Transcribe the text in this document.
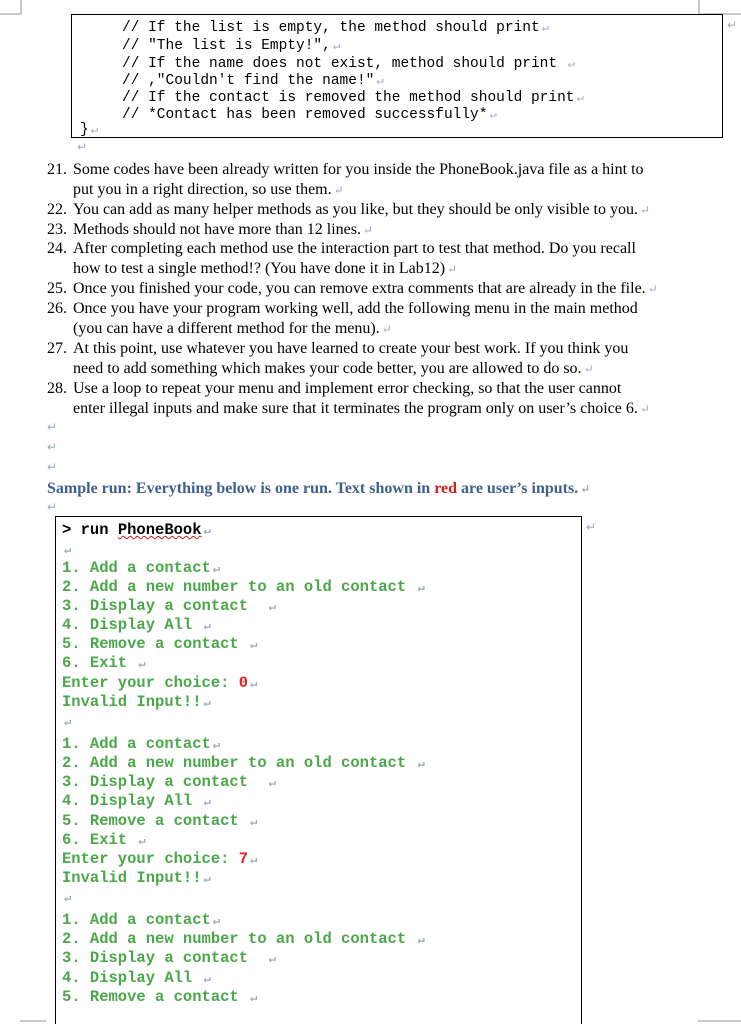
// If the list is empty, the method should print ↵
// "The list is Empty!", ↵
// If the name does not exist, method should print ↵
// ,"Couldn't find the name!" ↵
// If the contact is removed the method should print ↵
// *Contact has been removed successfully* ↵
} ↵
↵
↵
21. Some codes have been already written for you inside the PhoneBook.java file as a hint to
put you in a right direction, so use them. ↵
22. You can add as many helper methods as you like, but they should be only visible to you. ↵
23. Methods should not have more than 12 lines. ↵
24. After completing each method use the interaction part to test that method. Do you recall
how to test a single method!? (You have done it in Lab12) ↵
25. Once you finished your code, you can remove extra comments that are already in the file. ↵
26. Once you have your program working well, add the following menu in the main method
(you can have a different method for the menu). ↵
27. At this point, use whatever you have learned to create your best work. If you think you
need to add something which makes your code better, you are allowed to do so. ↵
28. Use a loop to repeat your menu and implement error checking, so that the user cannot
enter illegal inputs and make sure that it terminates the program only on user’s choice 6. ↵
↵
↵
↵
Sample run: Everything below is one run. Text shown in red are user’s inputs. ↵
↵
> run PhoneBook ↵
↵
1. Add a contact ↵
2. Add a new number to an old contact ↵
3. Display a contact  ↵
4. Display All ↵
5. Remove a contact ↵
6. Exit ↵
Enter your choice: 0 ↵
Invalid Input!! ↵
↵
1. Add a contact ↵
2. Add a new number to an old contact ↵
3. Display a contact  ↵
4. Display All ↵
5. Remove a contact ↵
6. Exit ↵
Enter your choice: 7 ↵
Invalid Input!! ↵
↵
1. Add a contact ↵
2. Add a new number to an old contact ↵
3. Display a contact  ↵
4. Display All ↵
5. Remove a contact ↵
↵
